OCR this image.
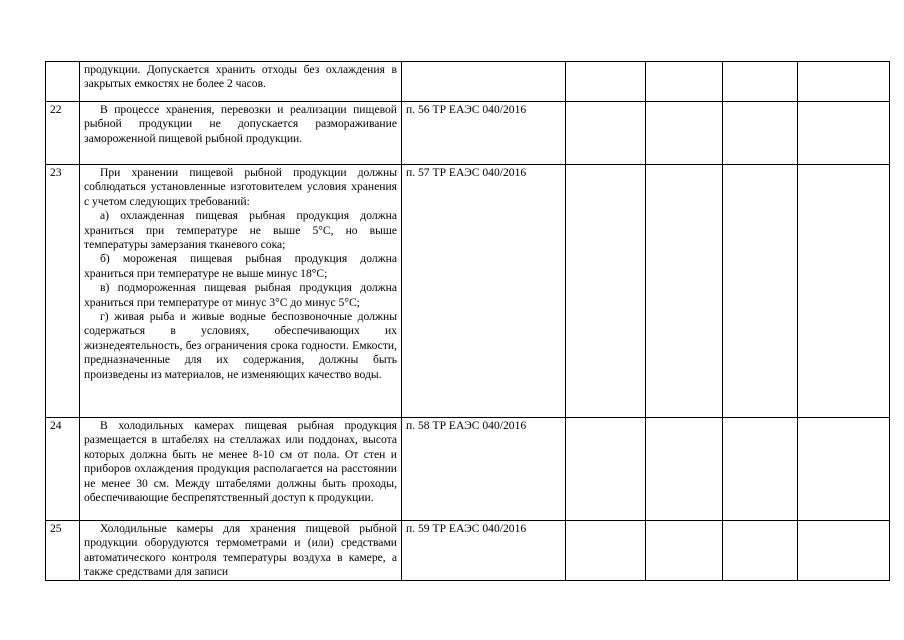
	продукции. Допускается хранить отходы без охлаждения в закрытых емкостях не более 2 часов.					

22	В процессе хранения, перевозки и реализации пищевой рыбной продукции не допускается размораживание замороженной пищевой рыбной продукции.	п. 56 ТР ЕАЭС 040/2016				
23	При хранении пищевой рыбной продукции должны соблюдаться установленные изготовителем условия хранения с учетом следующих требований:

а) охлажденная пищевая рыбная продукция должна храниться при температуре не выше 5°С, но выше температуры замерзания тканевого сока;

б) мороженая пищевая рыбная продукция должна храниться при температуре не выше минус 18°С;

в) подмороженная пищевая рыбная продукция должна храниться при температуре от минус 3°С до минус 5°С;

г) живая рыба и живые водные беспозвоночные должны содержаться в условиях, обеспечивающих их жизнедеятельность, без ограничения срока годности. Емкости, предназначенные для их содержания, должны быть произведены из материалов, не изменяющих качество воды.	п. 57 ТР ЕАЭС 040/2016				
24	В холодильных камерах пищевая рыбная продукция размещается в штабелях на стеллажах или поддонах, высота которых должна быть не менее 8-10 см от пола. От стен и приборов охлаждения продукция располагается на расстоянии не менее 30 см. Между штабелями должны быть проходы, обеспечивающие беспрепятственный доступ к продукции.	п. 58 ТР ЕАЭС 040/2016				
25	Холодильные камеры для хранения пищевой рыбной продукции оборудуются термометрами и (или) средствами автоматического контроля температуры воздуха в камере, а также средствами для записи	п. 59 ТР ЕАЭС 040/2016				
